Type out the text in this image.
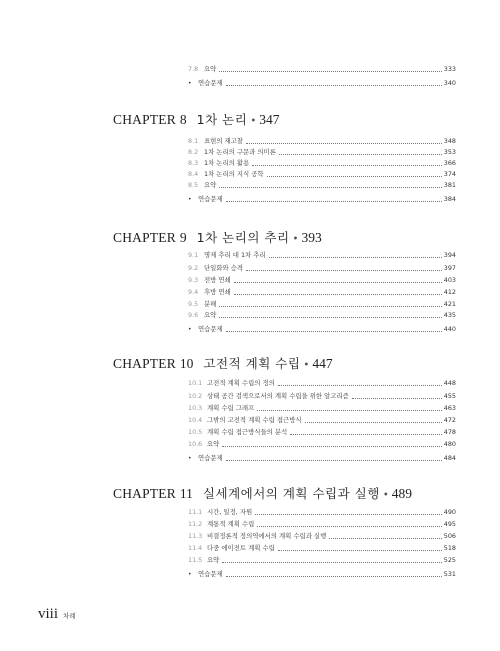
7.8 요약	333
•	연습문제	340
CHAPTER 8 1차 논리 • 347
8.1 표현의 재고찰	348
8.2 1차 논리의 구문과 의미론	353
8.3 1차 논리의 활용	366
8.4 1차 논리의 지식 공학	374
8.5 요약	381
•	연습문제	384
CHAPTER 9 1차 논리의 추리 • 393
9.1 명제 추리 대 1차 추리	394
9.2 단일화와 승격	397
9.3 전방 연쇄	403
9.4 후방 연쇄	412
9.5 분해	421
9.6 요약	435
•	연습문제	440
CHAPTER 10 고전적 계획 수립 • 447
10.1 고전적 계획 수립의 정의	448
10.2 상태 공간 검색으로서의 계획 수립을 위한 알고리즘	455
10.3 계획 수립 그래프	463
10.4 그밖의 고전적 계획 수립 접근방식	472
10.5 계획 수립 접근방식들의 분석	478
10.6 요약	480
•	연습문제	484
CHAPTER 11 실세계에서의 계획 수립과 실행 • 489
11.1 시간, 일정, 자원	490
11.2 계통적 계획 수립	495
11.3 비결정론적 정의역에서의 계획 수립과 실행	506
11.4 다중 에이전트 계획 수립	518
11.5 요약	525
•	연습문제	531
viii 차례
